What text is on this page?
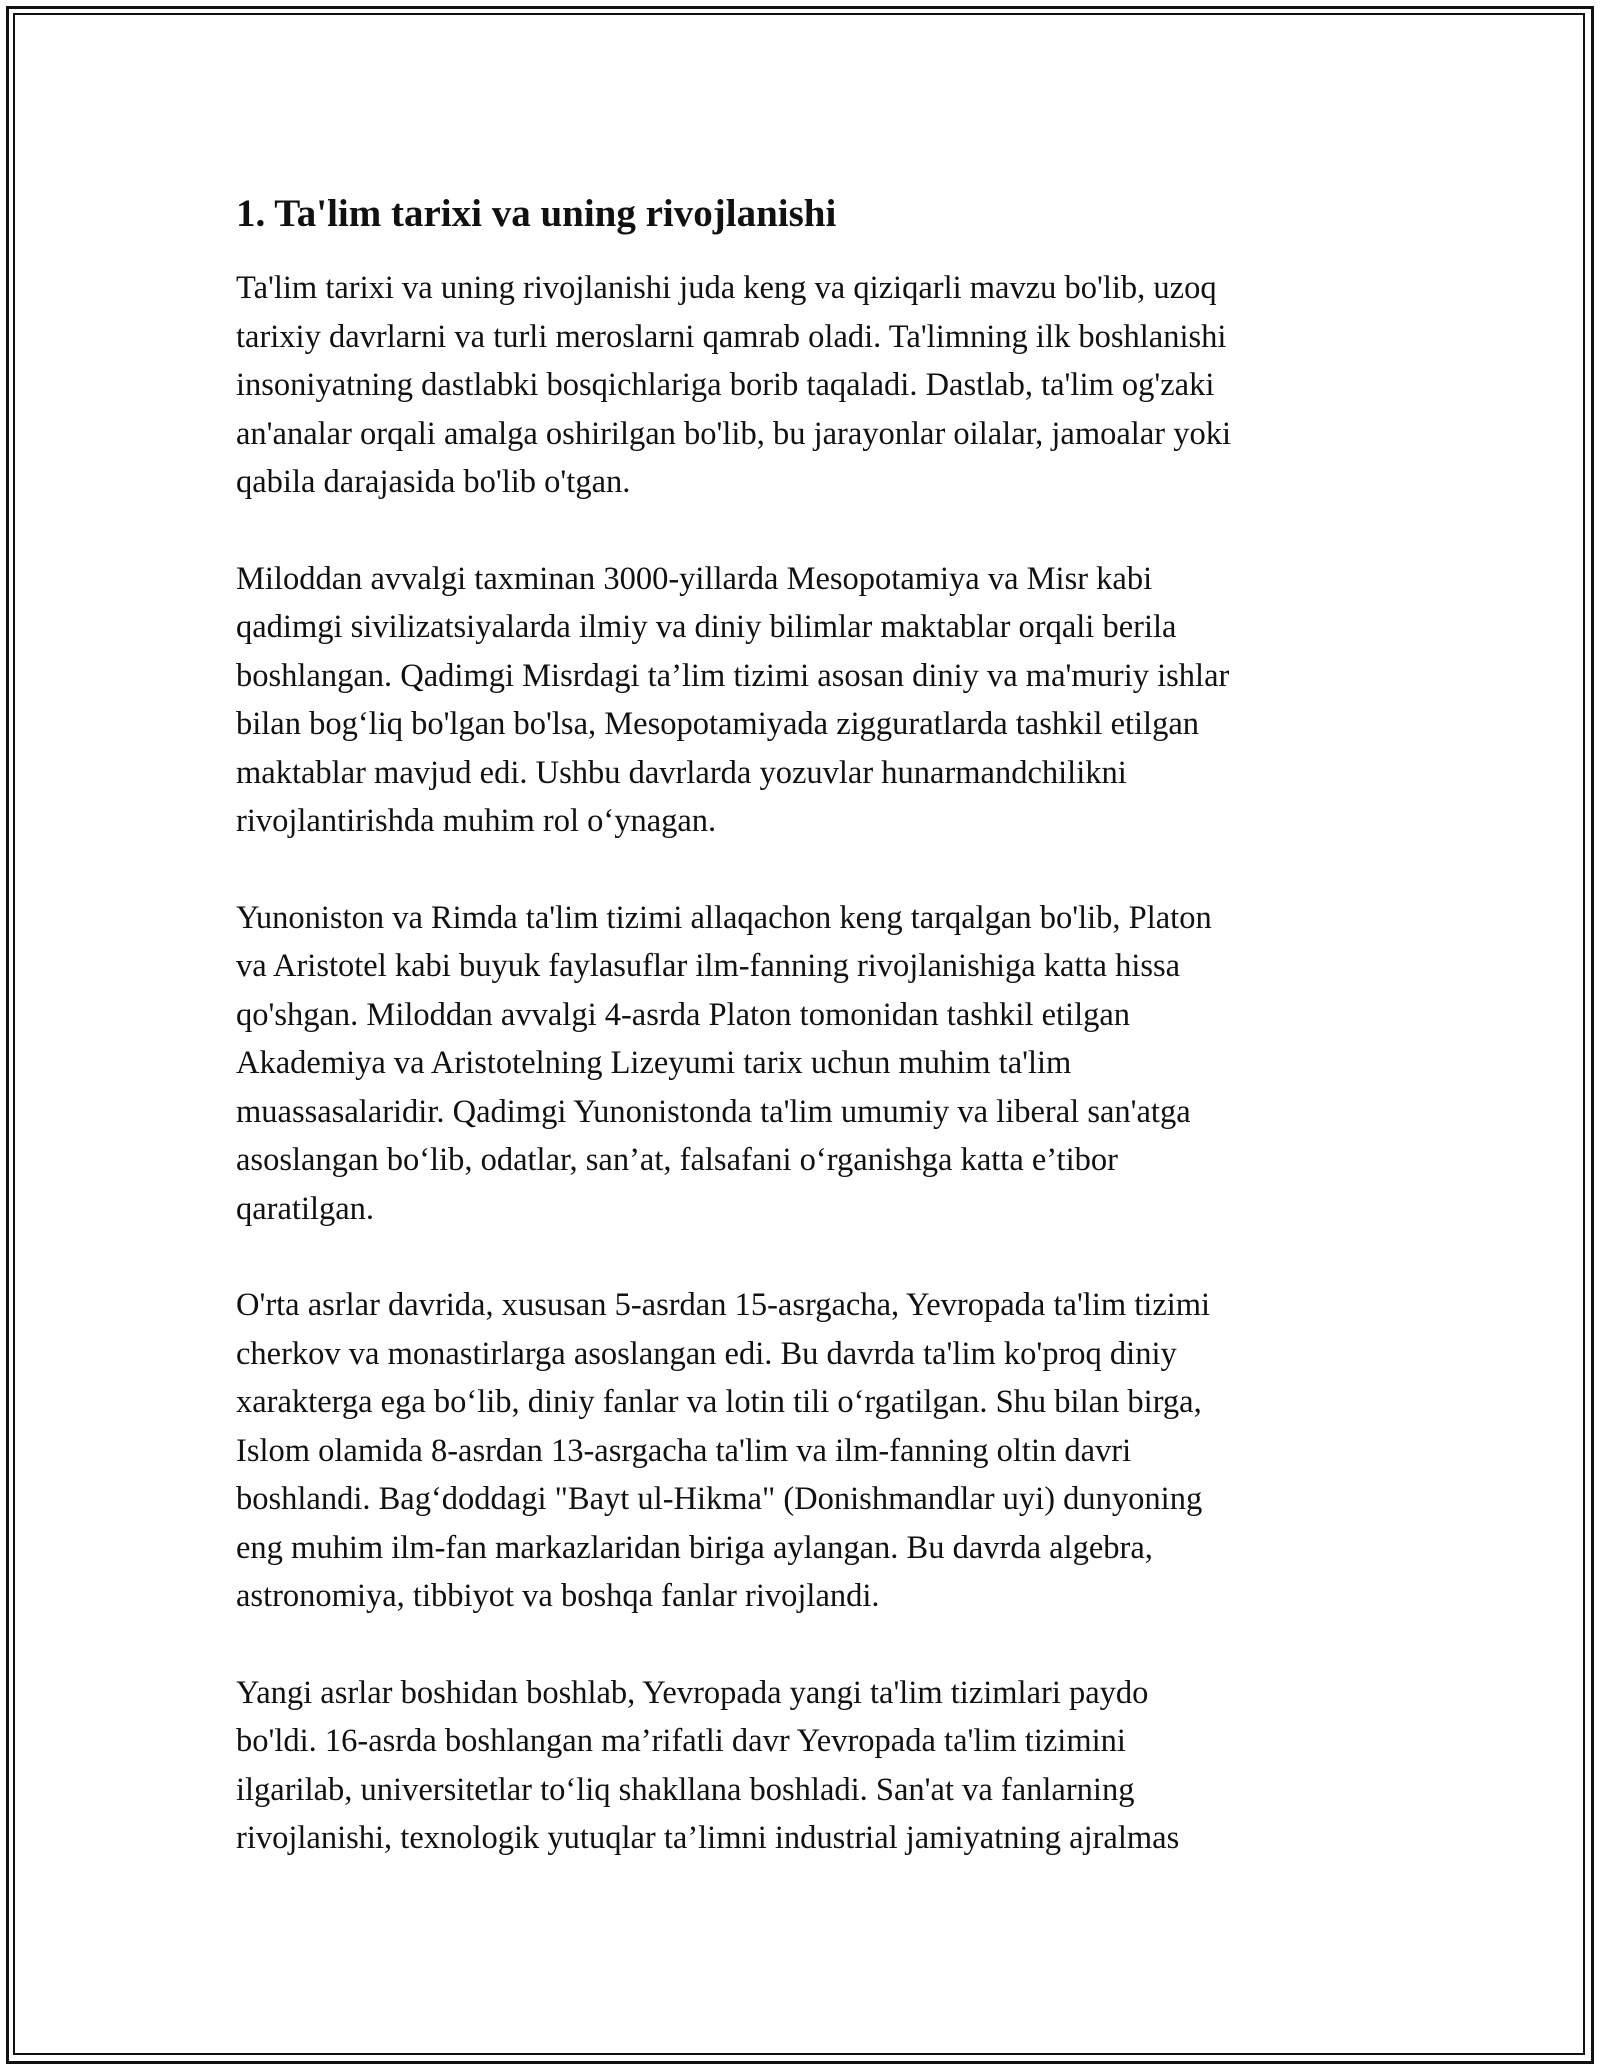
1. Ta'lim tarixi va uning rivojlanishi
Ta'lim tarixi va uning rivojlanishi juda keng va qiziqarli mavzu bo'lib, uzoq
tarixiy davrlarni va turli meroslarni qamrab oladi. Ta'limning ilk boshlanishi
insoniyatning dastlabki bosqichlariga borib taqaladi. Dastlab, ta'lim og'zaki
an'analar orqali amalga oshirilgan bo'lib, bu jarayonlar oilalar, jamoalar yoki
qabila darajasida bo'lib o'tgan.
Miloddan avvalgi taxminan 3000-yillarda Mesopotamiya va Misr kabi
qadimgi sivilizatsiyalarda ilmiy va diniy bilimlar maktablar orqali berila
boshlangan. Qadimgi Misrdagi ta’lim tizimi asosan diniy va ma'muriy ishlar
bilan bog‘liq bo'lgan bo'lsa, Mesopotamiyada zigguratlarda tashkil etilgan
maktablar mavjud edi. Ushbu davrlarda yozuvlar hunarmandchilikni
rivojlantirishda muhim rol o‘ynagan.
Yunoniston va Rimda ta'lim tizimi allaqachon keng tarqalgan bo'lib, Platon
va Aristotel kabi buyuk faylasuflar ilm-fanning rivojlanishiga katta hissa
qo'shgan. Miloddan avvalgi 4-asrda Platon tomonidan tashkil etilgan
Akademiya va Aristotelning Lizeyumi tarix uchun muhim ta'lim
muassasalaridir. Qadimgi Yunonistonda ta'lim umumiy va liberal san'atga
asoslangan bo‘lib, odatlar, san’at, falsafani o‘rganishga katta e’tibor
qaratilgan.
O'rta asrlar davrida, xususan 5-asrdan 15-asrgacha, Yevropada ta'lim tizimi
cherkov va monastirlarga asoslangan edi. Bu davrda ta'lim ko'proq diniy
xarakterga ega bo‘lib, diniy fanlar va lotin tili o‘rgatilgan. Shu bilan birga,
Islom olamida 8-asrdan 13-asrgacha ta'lim va ilm-fanning oltin davri
boshlandi. Bag‘doddagi "Bayt ul-Hikma" (Donishmandlar uyi) dunyoning
eng muhim ilm-fan markazlaridan biriga aylangan. Bu davrda algebra,
astronomiya, tibbiyot va boshqa fanlar rivojlandi.
Yangi asrlar boshidan boshlab, Yevropada yangi ta'lim tizimlari paydo
bo'ldi. 16-asrda boshlangan ma’rifatli davr Yevropada ta'lim tizimini
ilgarilab, universitetlar to‘liq shakllana boshladi. San'at va fanlarning
rivojlanishi, texnologik yutuqlar ta’limni industrial jamiyatning ajralmas
